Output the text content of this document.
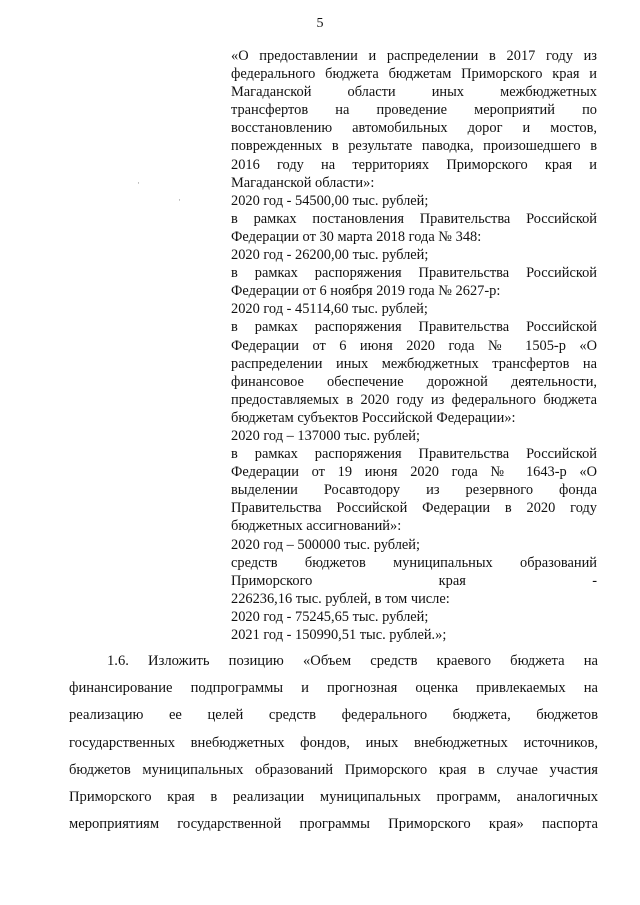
5
·
·
«О предоставлении и распределении в 2017 году из
федерального бюджета бюджетам Приморского края и
Магаданской области иных межбюджетных
трансфертов на проведение мероприятий по
восстановлению автомобильных дорог и мостов,
поврежденных в результате паводка, произошедшего в
2016 году на территориях Приморского края и
Магаданской области»:
2020 год - 54500,00 тыс. рублей;
в рамках постановления Правительства Российской
Федерации от 30 марта 2018 года № 348:
2020 год - 26200,00 тыс. рублей;
в рамках распоряжения Правительства Российской
Федерации от 6 ноября 2019 года № 2627-р:
2020 год - 45114,60 тыс. рублей;
в рамках распоряжения Правительства Российской
Федерации от 6 июня 2020 года № 1505-р «О
распределении иных межбюджетных трансфертов на
финансовое обеспечение дорожной деятельности,
предоставляемых в 2020 году из федерального бюджета
бюджетам субъектов Российской Федерации»:
2020 год – 137000 тыс. рублей;
в рамках распоряжения Правительства Российской
Федерации от 19 июня 2020 года № 1643-р «О
выделении Росавтодору из резервного фонда
Правительства Российской Федерации в 2020 году
бюджетных ассигнований»:
2020 год – 500000 тыс. рублей;
средств бюджетов муниципальных образований
Приморского края -
226236,16 тыс. рублей, в том числе:
2020 год - 75245,65 тыс. рублей;
2021 год - 150990,51 тыс. рублей.»;
1.6. Изложить позицию «Объем средств краевого бюджета на
финансирование подпрограммы и прогнозная оценка привлекаемых на
реализацию ее целей средств федерального бюджета, бюджетов
государственных внебюджетных фондов, иных внебюджетных источников,
бюджетов муниципальных образований Приморского края в случае участия
Приморского края в реализации муниципальных программ, аналогичных
мероприятиям государственной программы Приморского края» паспорта
